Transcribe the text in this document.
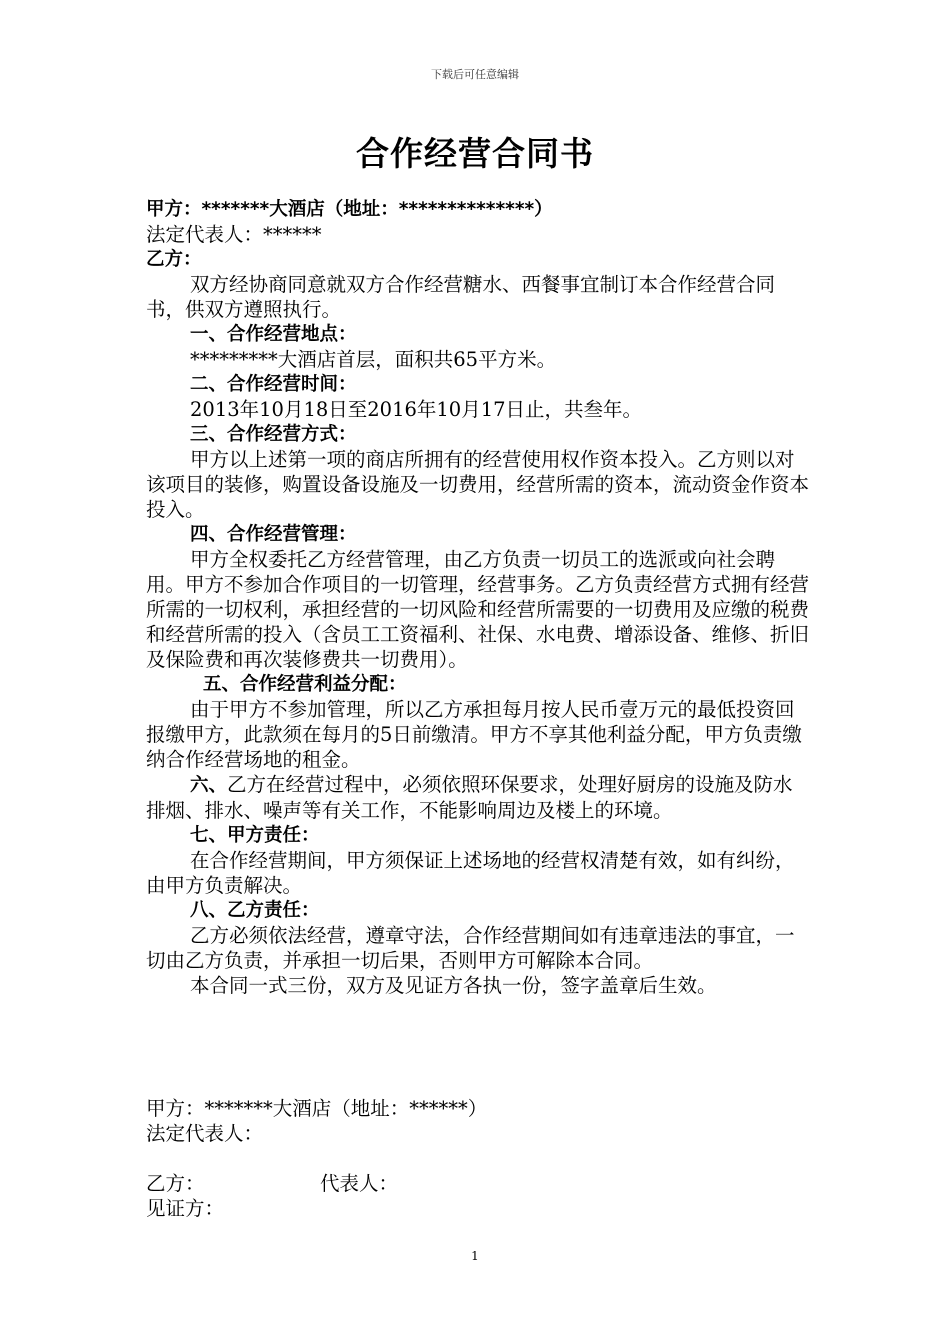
下载后可任意编辑
合作经营合同书

甲方：*******大酒店（地址：**************）

法定代表人：******

乙方：

双方经协商同意就双方合作经营糖水、西餐事宜制订本合作经营合同书，供双方遵照执行。

一、合作经营地点：

*********大酒店首层，面积共65平方米。

二、合作经营时间：

2013年10月18日至2016年10月17日止，共叁年。

三、合作经营方式：

甲方以上述第一项的商店所拥有的经营使用权作资本投入。乙方则以对该项目的装修，购置设备设施及一切费用，经营所需的资本，流动资金作资本投入。

四、合作经营管理：

甲方全权委托乙方经营管理，由乙方负责一切员工的选派或向社会聘用。甲方不参加合作项目的一切管理，经营事务。乙方负责经营方式拥有经营所需的一切权利，承担经营的一切风险和经营所需要的一切费用及应缴的税费和经营所需的投入（含员工工资福利、社保、水电费、增添设备、维修、折旧及保险费和再次装修费共一切费用）。

五、合作经营利益分配：

由于甲方不参加管理，所以乙方承担每月按人民币壹万元的最低投资回报缴甲方，此款须在每月的5日前缴清。甲方不享其他利益分配，甲方负责缴纳合作经营场地的租金。

六、乙方在经营过程中，必须依照环保要求，处理好厨房的设施及防水排烟、排水、噪声等有关工作，不能影响周边及楼上的环境。

七、甲方责任：

在合作经营期间，甲方须保证上述场地的经营权清楚有效，如有纠纷，由甲方负责解决。

八、乙方责任：

乙方必须依法经营，遵章守法，合作经营期间如有违章违法的事宜，一切由乙方负责，并承担一切后果，否则甲方可解除本合同。

本合同一式三份，双方及见证方各执一份，签字盖章后生效。

甲方：*******大酒店（地址：******）
法定代表人：
乙方：	代表人：
见证方：
1
